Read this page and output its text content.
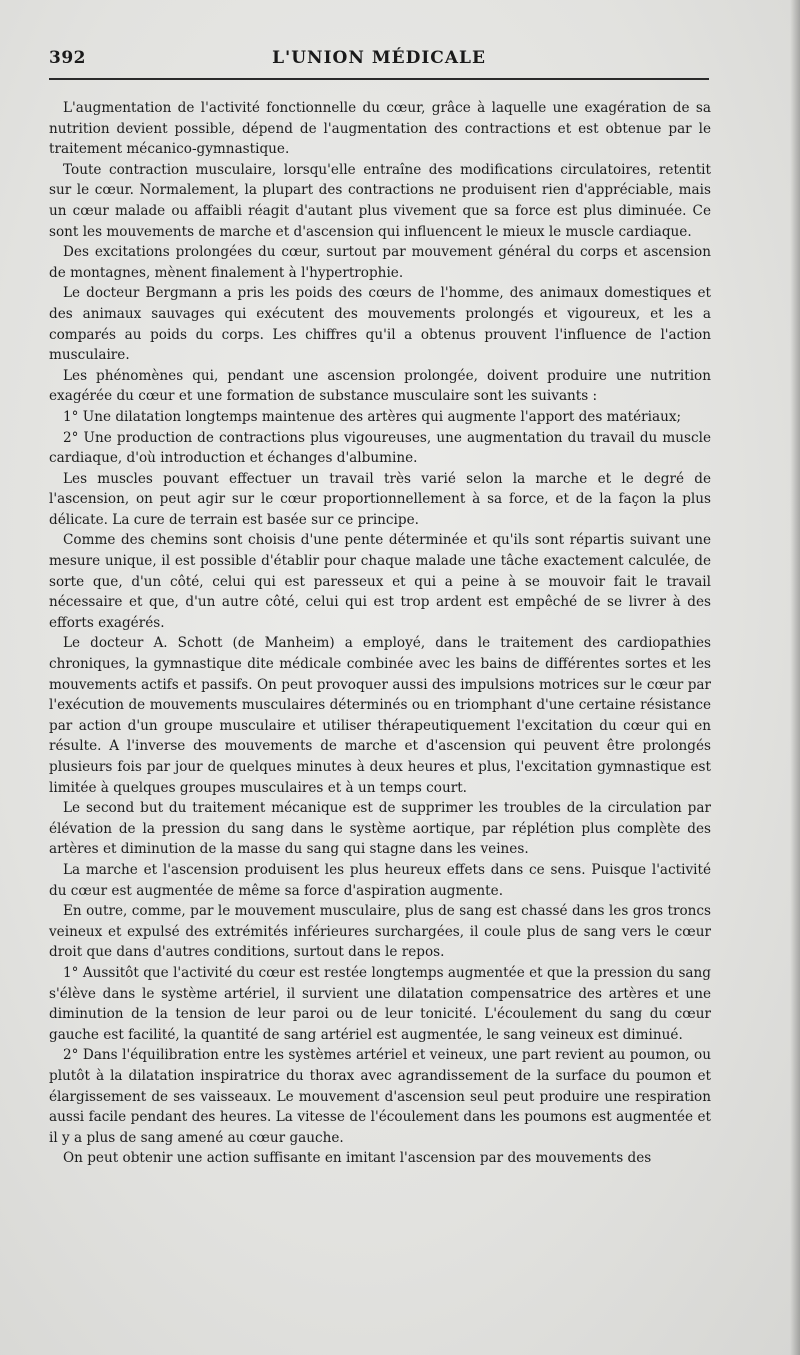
392	L'UNION MÉDICALE

L'augmentation de l'activité fonctionnelle du cœur, grâce à laquelle une exagération de sa nutrition devient possible, dépend de l'augmentation des contractions et est obtenue par le traitement mécanico-gymnastique.

Toute contraction musculaire, lorsqu'elle entraîne des modifications circulatoires, retentit sur le cœur. Normalement, la plupart des contractions ne produisent rien d'appréciable, mais un cœur malade ou affaibli réagit d'autant plus vivement que sa force est plus diminuée. Ce sont les mouvements de marche et d'ascension qui influencent le mieux le muscle cardiaque.

Des excitations prolongées du cœur, surtout par mouvement général du corps et ascension de montagnes, mènent finalement à l'hypertrophie.

Le docteur Bergmann a pris les poids des cœurs de l'homme, des animaux domestiques et des animaux sauvages qui exécutent des mouvements prolongés et vigoureux, et les a comparés au poids du corps. Les chiffres qu'il a obtenus prouvent l'influence de l'action musculaire.

Les phénomènes qui, pendant une ascension prolongée, doivent produire une nutrition exagérée du cœur et une formation de substance musculaire sont les suivants :

1° Une dilatation longtemps maintenue des artères qui augmente l'apport des matériaux;

2° Une production de contractions plus vigoureuses, une augmentation du travail du muscle cardiaque, d'où introduction et échanges d'albumine.

Les muscles pouvant effectuer un travail très varié selon la marche et le degré de l'ascension, on peut agir sur le cœur proportionnellement à sa force, et de la façon la plus délicate. La cure de terrain est basée sur ce principe.

Comme des chemins sont choisis d'une pente déterminée et qu'ils sont répartis suivant une mesure unique, il est possible d'établir pour chaque malade une tâche exactement calculée, de sorte que, d'un côté, celui qui est paresseux et qui a peine à se mouvoir fait le travail nécessaire et que, d'un autre côté, celui qui est trop ardent est empêché de se livrer à des efforts exagérés.

Le docteur A. Schott (de Manheim) a employé, dans le traitement des cardiopathies chroniques, la gymnastique dite médicale combinée avec les bains de différentes sortes et les mouvements actifs et passifs. On peut provoquer aussi des impulsions motrices sur le cœur par l'exécution de mouvements musculaires déterminés ou en triomphant d'une certaine résistance par action d'un groupe musculaire et utiliser thérapeutiquement l'excitation du cœur qui en résulte. A l'inverse des mouvements de marche et d'ascension qui peuvent être prolongés plusieurs fois par jour de quelques minutes à deux heures et plus, l'excitation gymnastique est limitée à quelques groupes musculaires et à un temps court.

Le second but du traitement mécanique est de supprimer les troubles de la circulation par élévation de la pression du sang dans le système aortique, par réplétion plus complète des artères et diminution de la masse du sang qui stagne dans les veines.

La marche et l'ascension produisent les plus heureux effets dans ce sens. Puisque l'activité du cœur est augmentée de même sa force d'aspiration augmente.

En outre, comme, par le mouvement musculaire, plus de sang est chassé dans les gros troncs veineux et expulsé des extrémités inférieures surchargées, il coule plus de sang vers le cœur droit que dans d'autres conditions, surtout dans le repos.

1° Aussitôt que l'activité du cœur est restée longtemps augmentée et que la pression du sang s'élève dans le système artériel, il survient une dilatation compensatrice des artères et une diminution de la tension de leur paroi ou de leur tonicité. L'écoulement du sang du cœur gauche est facilité, la quantité de sang artériel est augmentée, le sang veineux est diminué.

2° Dans l'équilibration entre les systèmes artériel et veineux, une part revient au poumon, ou plutôt à la dilatation inspiratrice du thorax avec agrandissement de la surface du poumon et élargissement de ses vaisseaux. Le mouvement d'ascension seul peut produire une respiration aussi facile pendant des heures. La vitesse de l'écoulement dans les poumons est augmentée et il y a plus de sang amené au cœur gauche.

On peut obtenir une action suffisante en imitant l'ascension par des mouvements des
